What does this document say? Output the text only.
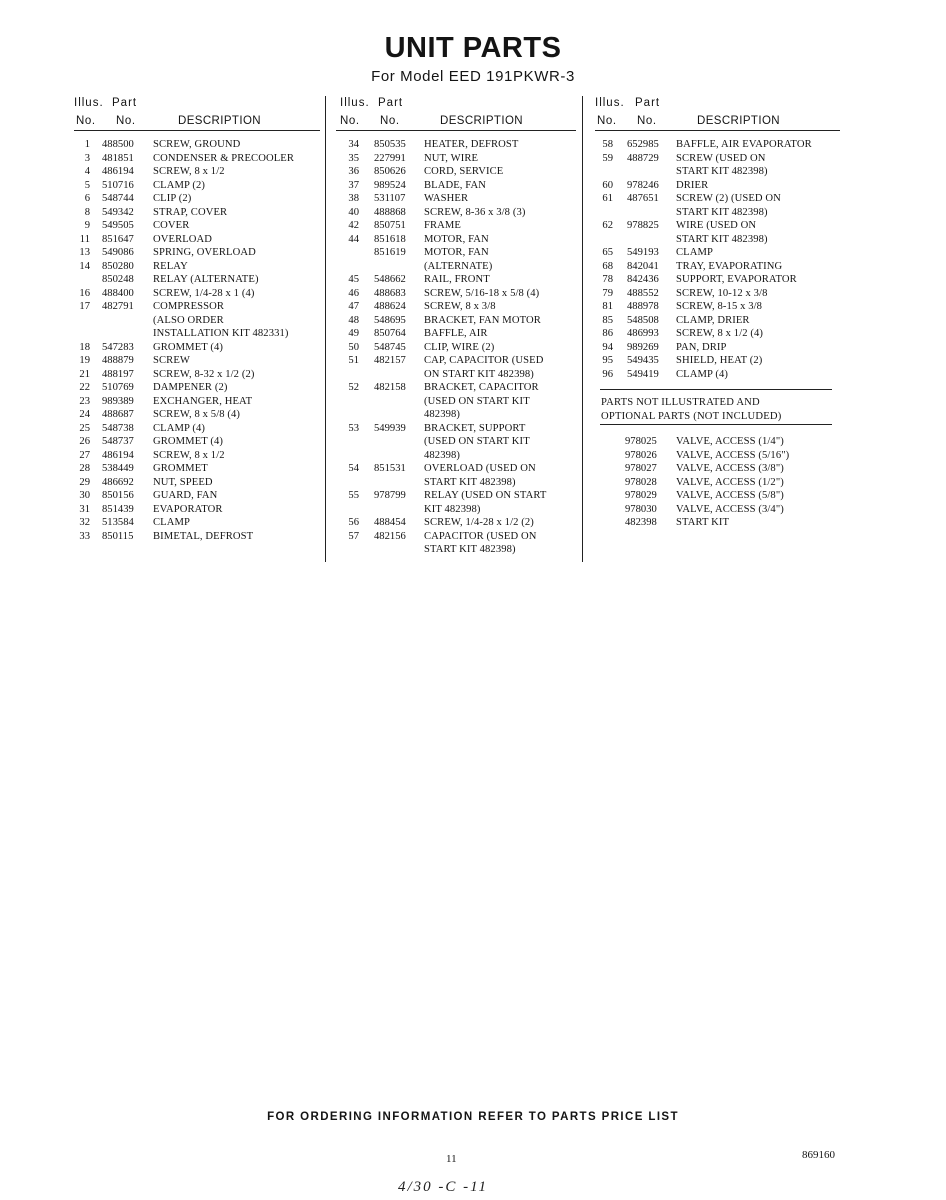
UNIT PARTS
For Model EED 191PKWR-3
Illus. Part
No. No.	DESCRIPTION
1 488500 SCREW, GROUND
3 481851 CONDENSER & PRECOOLER
4 486194 SCREW, 8 x 1/2
5 510716 CLAMP (2)
6 548744 CLIP (2)
8 549342 STRAP, COVER
9 549505 COVER
11 851647 OVERLOAD
13 549086 SPRING, OVERLOAD
14 850280 RELAY
850248 RELAY (ALTERNATE)
16 488400 SCREW, 1/4-28 x 1 (4)
17 482791 COMPRESSOR
(ALSO ORDER
INSTALLATION KIT 482331)
18 547283 GROMMET (4)
19 488879 SCREW
21 488197 SCREW, 8-32 x 1/2 (2)
22 510769 DAMPENER (2)
23 989389 EXCHANGER, HEAT
24 488687 SCREW, 8 x 5/8 (4)
25 548738 CLAMP (4)
26 548737 GROMMET (4)
27 486194 SCREW, 8 x 1/2
28 538449 GROMMET
29 486692 NUT, SPEED
30 850156 GUARD, FAN
31 851439 EVAPORATOR
32 513584 CLAMP
33 850115 BIMETAL, DEFROST
Illus. Part
No. No.	DESCRIPTION
34 850535 HEATER, DEFROST
35 227991 NUT, WIRE
36 850626 CORD, SERVICE
37 989524 BLADE, FAN
38 531107 WASHER
40 488868 SCREW, 8-36 x 3/8 (3)
42 850751 FRAME
44 851618 MOTOR, FAN
851619 MOTOR, FAN
(ALTERNATE)
45 548662 RAIL, FRONT
46 488683 SCREW, 5/16-18 x 5/8 (4)
47 488624 SCREW, 8 x 3/8
48 548695 BRACKET, FAN MOTOR
49 850764 BAFFLE, AIR
50 548745 CLIP, WIRE (2)
51 482157 CAP, CAPACITOR (USED
ON START KIT 482398)
52 482158 BRACKET, CAPACITOR
(USED ON START KIT
482398)
53 549939 BRACKET, SUPPORT
(USED ON START KIT
482398)
54 851531 OVERLOAD (USED ON
START KIT 482398)
55 978799 RELAY (USED ON START
KIT 482398)
56 488454 SCREW, 1/4-28 x 1/2 (2)
57 482156 CAPACITOR (USED ON
START KIT 482398)
Illus. Part
No. No.	DESCRIPTION
58 652985 BAFFLE, AIR EVAPORATOR
59 488729 SCREW (USED ON
START KIT 482398)
60 978246 DRIER
61 487651 SCREW (2) (USED ON
START KIT 482398)
62 978825 WIRE (USED ON
START KIT 482398)
65 549193 CLAMP
68 842041 TRAY, EVAPORATING
78 842436 SUPPORT, EVAPORATOR
79 488552 SCREW, 10-12 x 3/8
81 488978 SCREW, 8-15 x 3/8
85 548508 CLAMP, DRIER
86 486993 SCREW, 8 x 1/2 (4)
94 989269 PAN, DRIP
95 549435 SHIELD, HEAT (2)
96 549419 CLAMP (4)
PARTS NOT ILLUSTRATED AND
OPTIONAL PARTS (NOT INCLUDED)
978025 VALVE, ACCESS (1/4")
978026 VALVE, ACCESS (5/16")
978027 VALVE, ACCESS (3/8")
978028 VALVE, ACCESS (1/2")
978029 VALVE, ACCESS (5/8")
978030 VALVE, ACCESS (3/4")
482398 START KIT
FOR ORDERING INFORMATION REFER TO PARTS PRICE LIST
11	869160
4/30 -C -11
